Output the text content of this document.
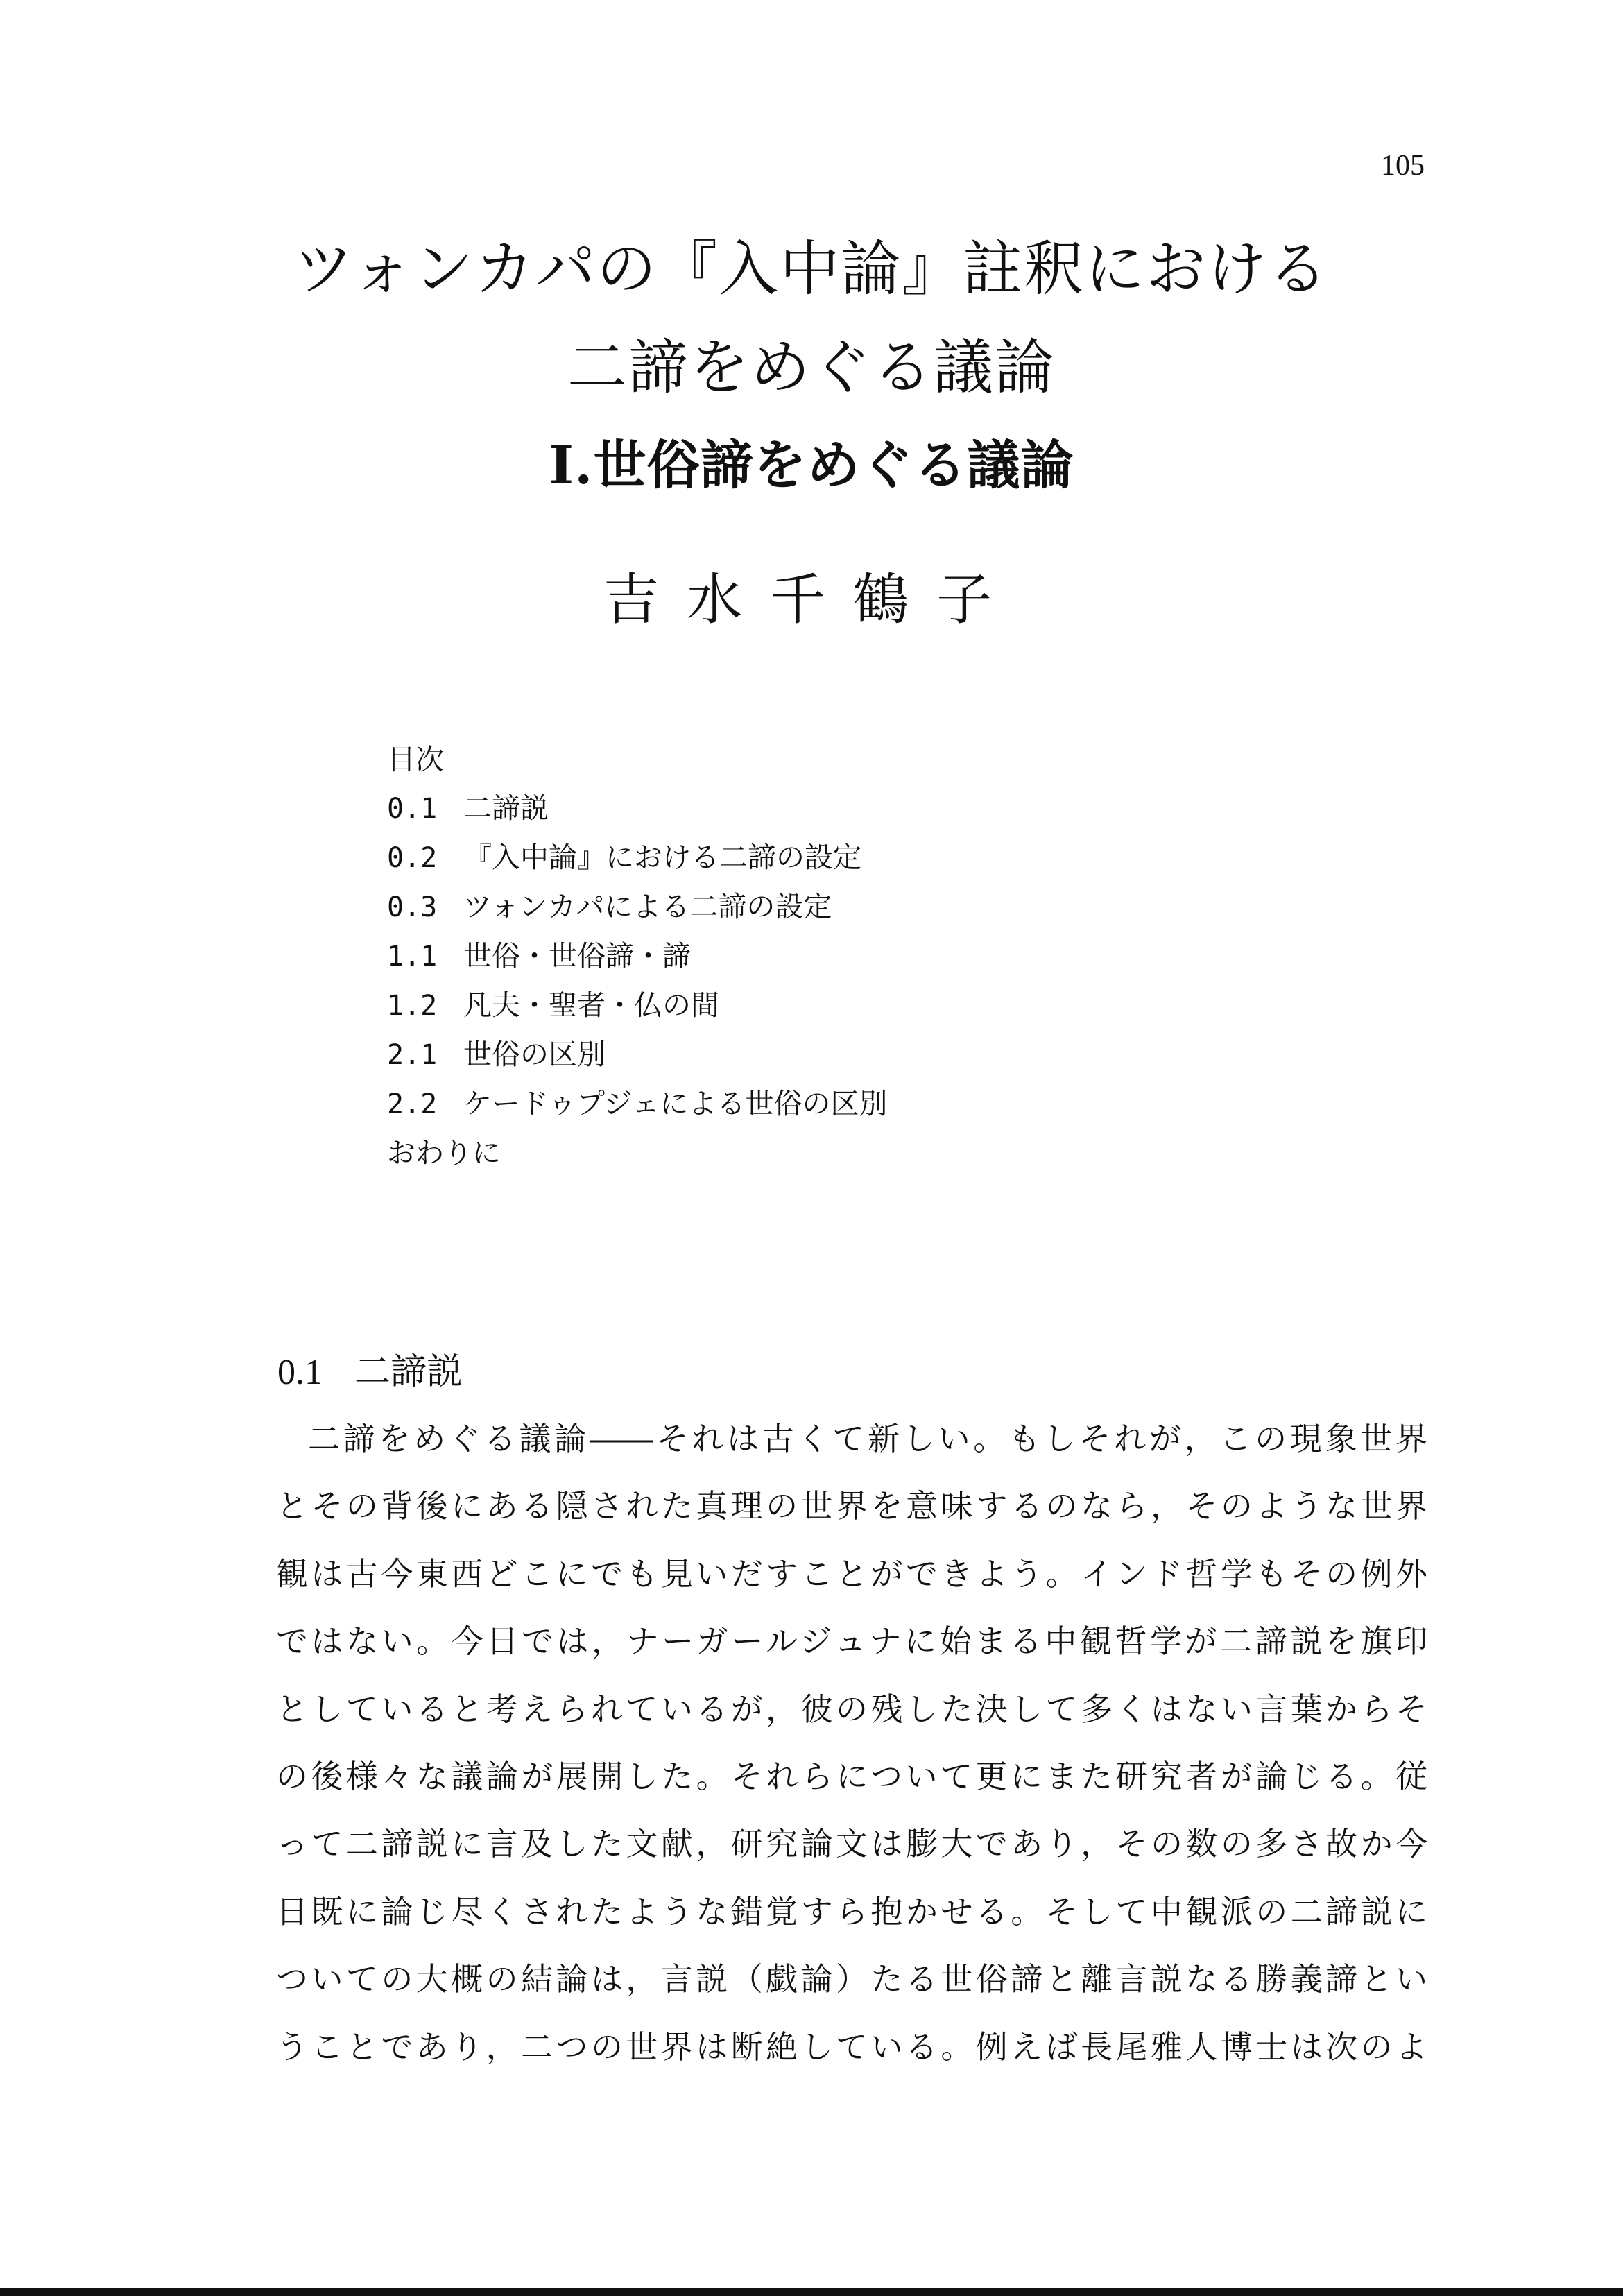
105
ツォンカパの『入中論』註釈における
二諦をめぐる議論
Ⅰ.世俗諦をめぐる議論
吉水千鶴子
目次
0.1 二諦説
0.2 『入中論』における二諦の設定
0.3 ツォンカパによる二諦の設定
1.1 世俗・世俗諦・諦
1.2 凡夫・聖者・仏の間
2.1 世俗の区別
2.2 ケードゥプジェによる世俗の区別
おわりに
0.1 二諦説
二諦をめぐる議論――それは古くて新しい。もしそれが，この現象世界
とその背後にある隠された真理の世界を意味するのなら，そのような世界
観は古今東西どこにでも見いだすことができよう。インド哲学もその例外
ではない。今日では，ナーガールジュナに始まる中観哲学が二諦説を旗印
としていると考えられているが，彼の残した決して多くはない言葉からそ
の後様々な議論が展開した。それらについて更にまた研究者が論じる。従
って二諦説に言及した文献，研究論文は膨大であり，その数の多さ故か今
日既に論じ尽くされたような錯覚すら抱かせる。そして中観派の二諦説に
ついての大概の結論は，言説（戯論）たる世俗諦と離言説なる勝義諦とい
うことであり，二つの世界は断絶している。例えば長尾雅人博士は次のよ
